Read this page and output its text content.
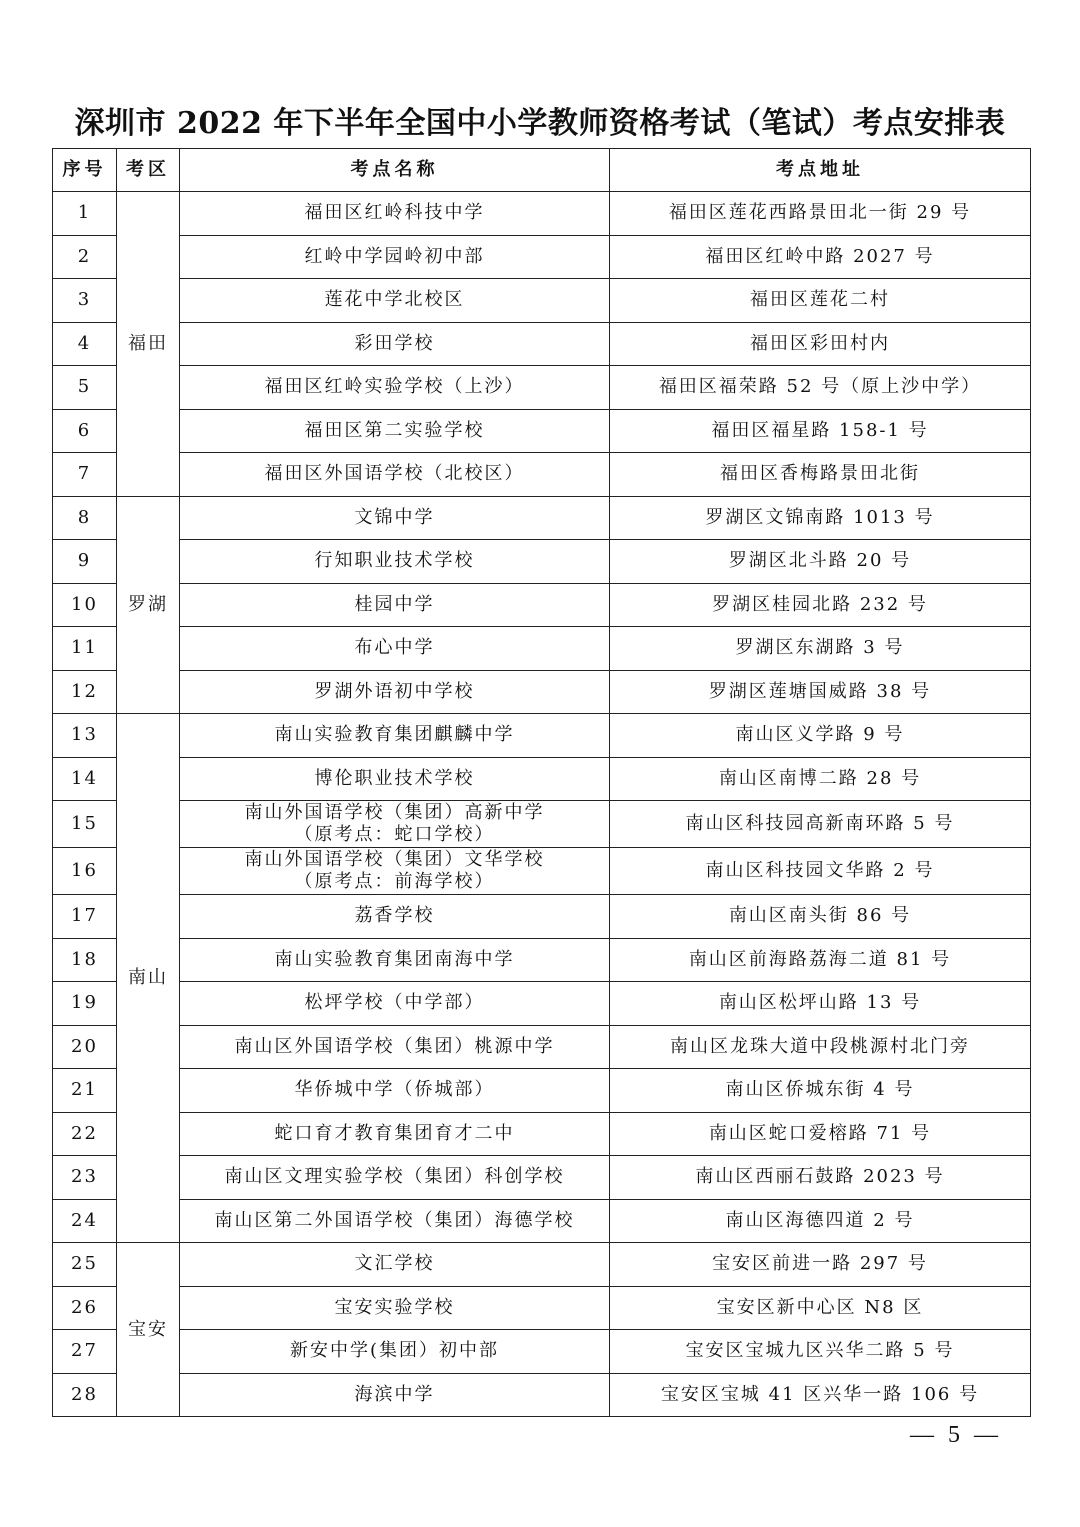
深圳市 2022 年下半年全国中小学教师资格考试（笔试）考点安排表
序号	考区	考点名称	考点地址
1	福田	福田区红岭科技中学	福田区莲花西路景田北一街 29 号
2		红岭中学园岭初中部	福田区红岭中路 2027 号
3		莲花中学北校区	福田区莲花二村
4		彩田学校	福田区彩田村内
5		福田区红岭实验学校（上沙）	福田区福荣路 52 号（原上沙中学）
6		福田区第二实验学校	福田区福星路 158-1 号
7		福田区外国语学校（北校区）	福田区香梅路景田北街
8	罗湖	文锦中学	罗湖区文锦南路 1013 号
9		行知职业技术学校	罗湖区北斗路 20 号
10		桂园中学	罗湖区桂园北路 232 号
11		布心中学	罗湖区东湖路 3 号
12		罗湖外语初中学校	罗湖区莲塘国威路 38 号
13	南山	南山实验教育集团麒麟中学	南山区义学路 9 号
14		博伦职业技术学校	南山区南博二路 28 号
15		南山外国语学校（集团）高新中学
（原考点：蛇口学校）	南山区科技园高新南环路 5 号
16		南山外国语学校（集团）文华学校
（原考点：前海学校）	南山区科技园文华路 2 号
17		荔香学校	南山区南头街 86 号
18		南山实验教育集团南海中学	南山区前海路荔海二道 81 号
19		松坪学校（中学部）	南山区松坪山路 13 号
20		南山区外国语学校（集团）桃源中学	南山区龙珠大道中段桃源村北门旁
21		华侨城中学（侨城部）	南山区侨城东街 4 号
22		蛇口育才教育集团育才二中	南山区蛇口爱榕路 71 号
23		南山区文理实验学校（集团）科创学校	南山区西丽石鼓路 2023 号
24		南山区第二外国语学校（集团）海德学校	南山区海德四道 2 号
25	宝安	文汇学校	宝安区前进一路 297 号
26		宝安实验学校	宝安区新中心区 N8 区
27		新安中学(集团）初中部	宝安区宝城九区兴华二路 5 号
28		海滨中学	宝安区宝城 41 区兴华一路 106 号
— 5 —
